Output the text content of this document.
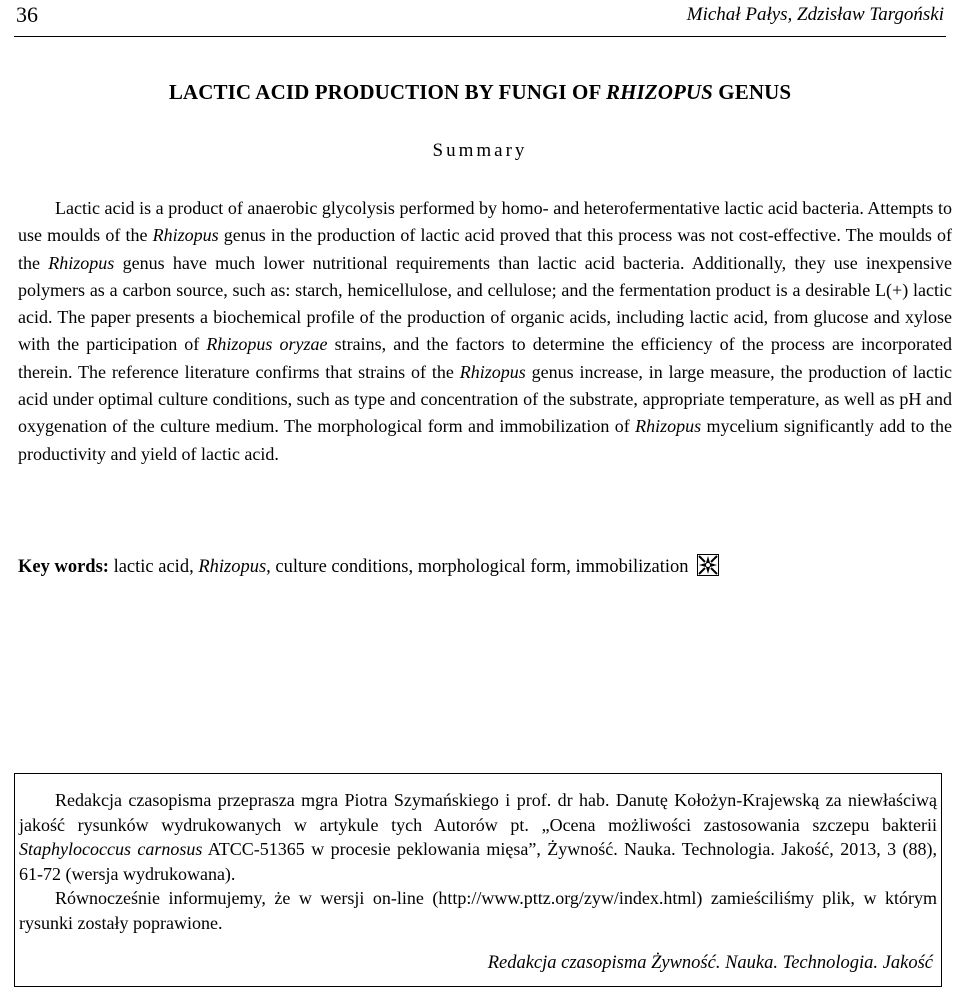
36	Michał Pałys, Zdzisław Targoński
LACTIC ACID PRODUCTION BY FUNGI OF RHIZOPUS GENUS
Summary

Lactic acid is a product of anaerobic glycolysis performed by homo- and heterofermentative lactic acid bacteria. Attempts to use moulds of the Rhizopus genus in the production of lactic acid proved that this process was not cost-effective. The moulds of the Rhizopus genus have much lower nutritional requirements than lactic acid bacteria. Additionally, they use inexpensive polymers as a carbon source, such as: starch, hemicellulose, and cellulose; and the fermentation product is a desirable L(+) lactic acid. The paper presents a biochemical profile of the production of organic acids, including lactic acid, from glucose and xylose with the participation of Rhizopus oryzae strains, and the factors to determine the efficiency of the process are incorporated therein. The reference literature confirms that strains of the Rhizopus genus increase, in large measure, the production of lactic acid under optimal culture conditions, such as type and concentration of the substrate, appropriate temperature, as well as pH and oxygenation of the culture medium. The morphological form and immobilization of Rhizopus mycelium significantly add to the productivity and yield of lactic acid.

Key words: lactic acid, Rhizopus, culture conditions, morphological form, immobilization

Redakcja czasopisma przeprasza mgra Piotra Szymańskiego i prof. dr hab. Danutę Kołożyn-Krajewską za niewłaściwą jakość rysunków wydrukowanych w artykule tych Autorów pt. „Ocena możliwości zastosowania szczepu bakterii Staphylococcus carnosus ATCC-51365 w procesie peklowania mięsa”, Żywność. Nauka. Technologia. Jakość, 2013, 3 (88), 61-72 (wersja wydrukowana).

Równocześnie informujemy, że w wersji on-line (http://www.pttz.org/zyw/index.html) zamieściliśmy plik, w którym rysunki zostały poprawione.

Redakcja czasopisma Żywność. Nauka. Technologia. Jakość
